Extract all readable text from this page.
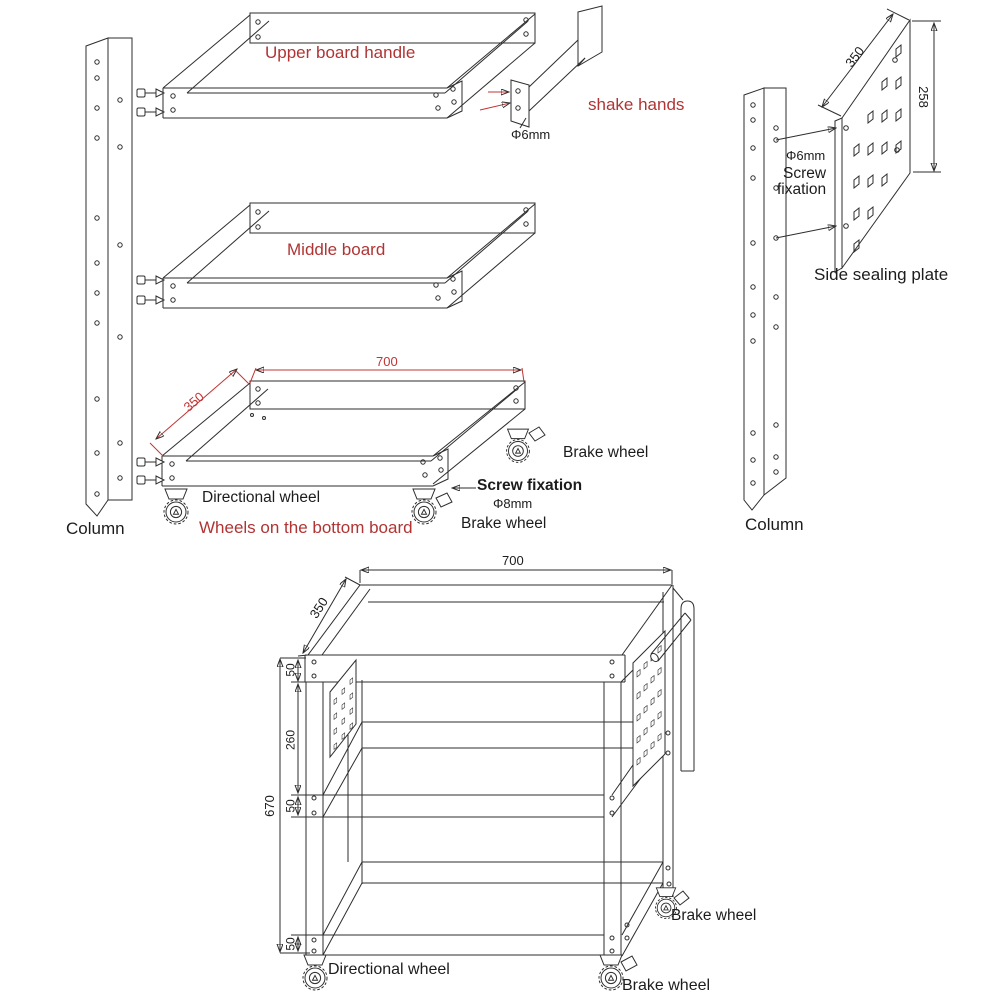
Upper board handle
shake hands
Φ6mm
Middle board
700
350
Brake wheel
Screw fixation
Φ8mm
Brake wheel
Directional wheel
Wheels on the bottom board
Column	Column
350
258
Φ6mm
Screw
fixation
Side sealing plate
700
350
670
50
260
50
50
Brake wheel
Directional wheel
Brake wheel
